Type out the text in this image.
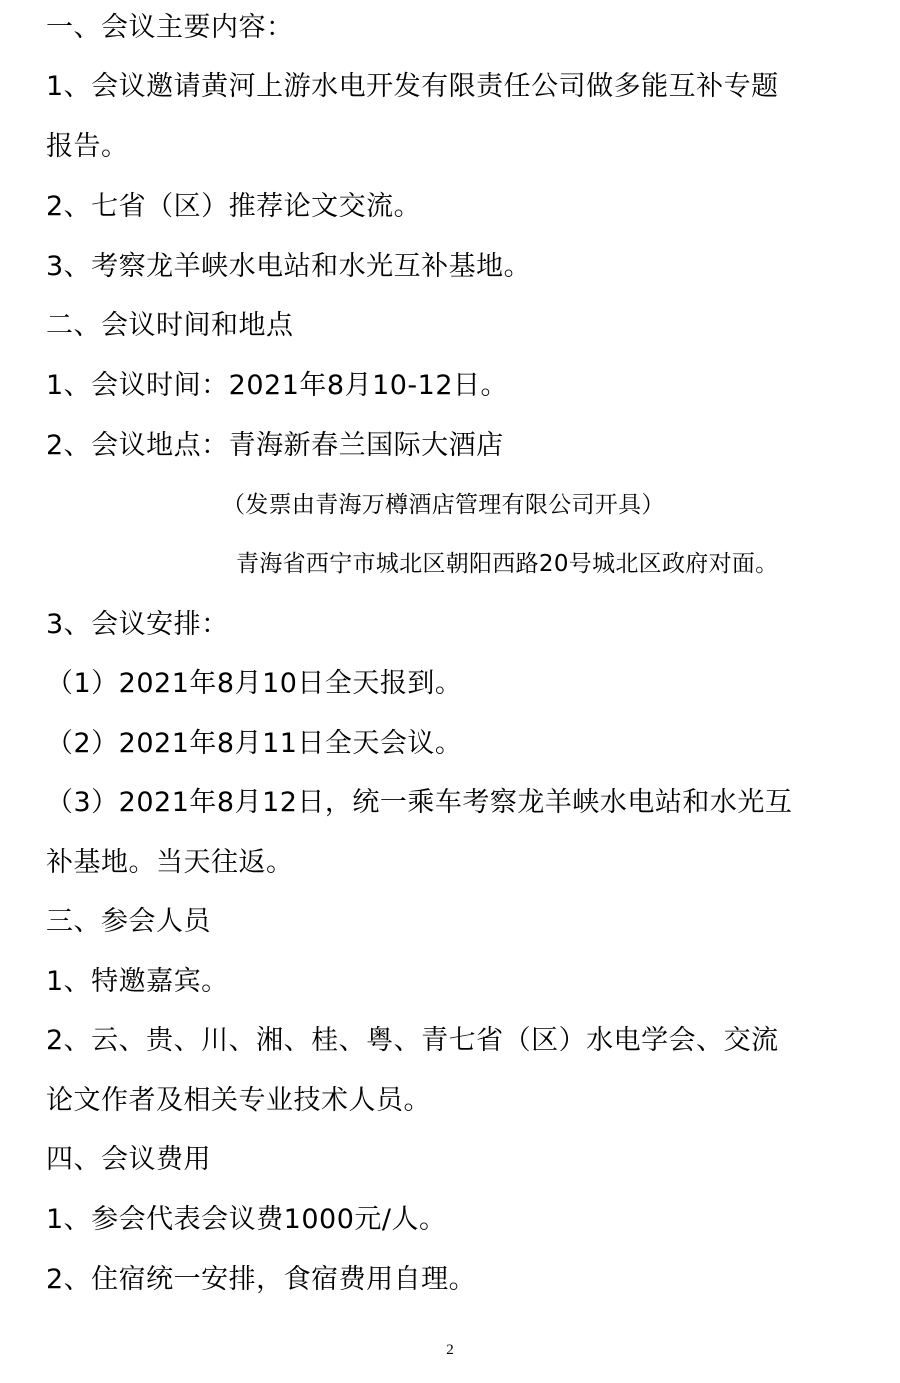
一、会议主要内容：
1、会议邀请黄河上游水电开发有限责任公司做多能互补专题
报告。
2、七省（区）推荐论文交流。
3、考察龙羊峡水电站和水光互补基地。
二、会议时间和地点
1、会议时间：2021年8月10-12日。
2、会议地点：青海新春兰国际大酒店
（发票由青海万樽酒店管理有限公司开具）
青海省西宁市城北区朝阳西路20号城北区政府对面。
3、会议安排：
（1）2021年8月10日全天报到。
（2）2021年8月11日全天会议。
（3）2021年8月12日，统一乘车考察龙羊峡水电站和水光互
补基地。当天往返。
三、参会人员
1、特邀嘉宾。
2、云、贵、川、湘、桂、粤、青七省（区）水电学会、交流
论文作者及相关专业技术人员。
四、会议费用
1、参会代表会议费1000元/人。
2、住宿统一安排，食宿费用自理。
2
